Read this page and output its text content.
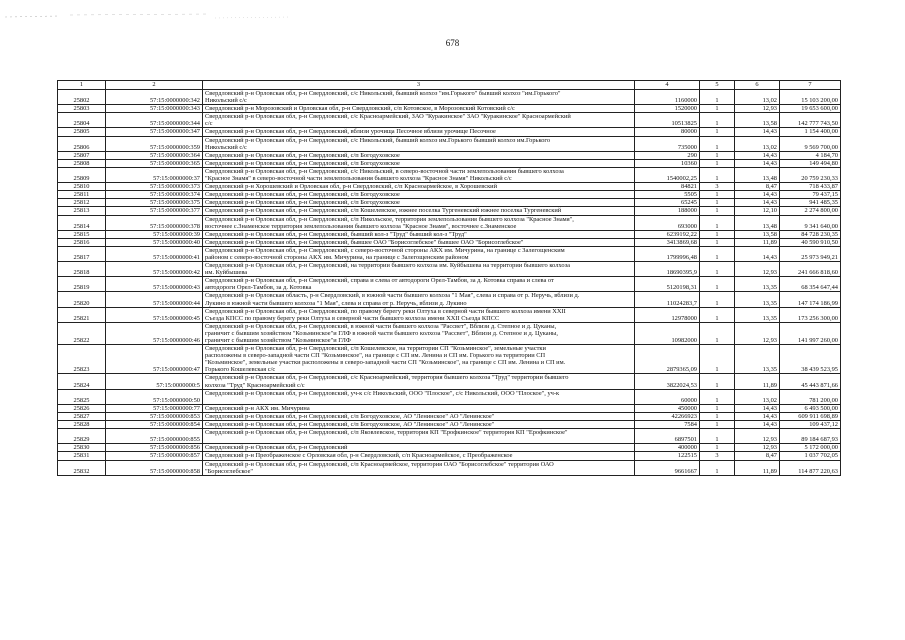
678
1	2	3	4	5	6	7
25802	57:15:0000000:342	Свердловский р-н Орловская обл, р-н Свердловский, с/с Никольский, бывший колхоз "им.Горького" бывший колхоз "им.Горького"
Никольский с/с	1160000	1	13,02	15 103 200,00
25803	57:15:0000000:343	Свердловский р-н Морозовский и Орловская обл, р-н Свердловский, с/п Котовское, в Морозовский Котовский с/с	1520000	1	12,93	19 653 600,00
25804	57:15:0000000:344	Свердловский р-н Орловская обл, р-н Свердловский, с/с Красноармейский, ЗАО "Куракинское" ЗАО "Куракинское" Красноармейский
с/с	10513825	1	13,58	142 777 743,50
25805	57:15:0000000:347	Свердловский р-н Орловская обл, р-н Свердловский, вблизи урочища Песочное вблизи урочище Песочное	80000	1	14,43	1 154 400,00
25806	57:15:0000000:359	Свердловский р-н Орловская обл, р-н Свердловский, с/с Никольский, бывший колхоз им.Горького бывший колхоз им.Горького
Никольский с/с	735000	1	13,02	9 569 700,00
25807	57:15:0000000:364	Свердловский р-н Орловская обл, р-н Свердловский, с/п Богодуховское	290	1	14,43	4 184,70
25808	57:15:0000000:365	Свердловский р-н Орловская обл, р-н Свердловский, с/п Богодуховское	10360	1	14,43	149 494,80
25809	57:15:0000000:37	Свердловский р-н Орловская обл, р-н Свердловский, с/с Никольский, в северо-восточной части землепользования бывшего колхоза
"Красное Знамя" в северо-восточной части землепользования бывшего колхоза "Красное Знамя" Никольский с/с	1540002,25	1	13,48	20 759 230,33
25810	57:15:0000000:373	Свердловский р-н Хорошевский и Орловская обл, р-н Свердловский, с/п Красноармейское, в Хорошевский	84821	3	8,47	718 433,87
25811	57:15:0000000:374	Свердловский р-н Орловская обл, р-н Свердловский, с/п Богодуховское	5505	1	14,43	79 437,15
25812	57:15:0000000:375	Свердловский р-н Орловская обл, р-н Свердловский, с/п Богодуховское	65245	1	14,43	941 485,35
25813	57:15:0000000:377	Свердловский р-н Орловская обл, р-н Свердловский, с/п Кошелевское, южнее поселка Тургеневский южнее поселка Тургеневский	188000	1	12,10	2 274 800,00
25814	57:15:0000000:378	Свердловский р-н Орловская обл, р-н Свердловский, с/п Никольское, территория землепользования бывшего колхоза "Красное Знамя",
восточнее с.Знаменское территория землепользования бывшего колхоза "Красное Знамя", восточнее с.Знаменское	693000	1	13,48	9 341 640,00
25815	57:15:0000000:39	Свердловский р-н Орловская обл, р-н Свердловский, бывший кол-з "Труд" бывший кол-з "Труд"	6239192,22	1	13,58	84 728 230,35
25816	57:15:0000000:40	Свердловский р-н Орловская обл, р-н Свердловский, бывшее ОАО "Борисоглебское" бывшее ОАО "Борисоглебское"	3413869,68	1	11,89	40 590 910,50
25817	57:15:0000000:41	Свердловский р-н Орловская обл, р-н Свердловский, с северо-восточной стороны АКХ им. Мичурина, на границе с Залегощенским
районом с северо-восточной стороны АКХ им. Мичурина, на границе с Залегощенским районом	1799996,48	1	14,43	25 973 949,21
25818	57:15:0000000:42	Свердловский р-н Орловская обл, р-н Свердловский, на территории бывшего колхоза им. Куйбышева на территории бывшего колхоза
им. Куйбышева	18690395,9	1	12,93	241 666 818,60
25819	57:15:0000000:43	Свердловский р-н Орловская обл, р-н Свердловский, справа и слева от автодороги Орел-Тамбов, за д. Котовка справа и слева от
автодороги Орел-Тамбов, за д. Котовка	5120198,31	1	13,35	68 354 647,44
25820	57:15:0000000:44	Свердловский р-н Орловская область, р-н Свердловский, в южной части бывшего колхоза "1 Мая", слева и справа от р. Неручь, вблизи д.
Лукино в южной части бывшего колхоза "1 Мая", слева и справа от р. Неручь, вблизи д. Лукино	11024283,7	1	13,35	147 174 186,99
25821	57:15:0000000:45	Свердловский р-н Орловская обл, р-н Свердловский, по правому берегу реки Олтуха в северной части бывшего колхоза имени XXII
Съезда КПСС по правому берегу реки Олтуха в северной части бывшего колхоза имени XXII Съезда КПСС	12978000	1	13,35	173 256 300,00
25822	57:15:0000000:46	Свердловский р-н Орловская обл, р-н Свердловский, в южной части бывшего колхоза "Рассвет", Вблизи д. Степное и д. Цуканы,
граничит с бывшим хозяйством "Козьминское"и ГЛФ в южной части бывшего колхоза "Рассвет", Вблизи д. Степное и д. Цуканы,
граничит с бывшим хозяйством "Козьминское"и ГЛФ	10982000	1	12,93	141 997 260,00
25823	57:15:0000000:47	Свердловский р-н Орловская обл, р-н Свердловский, с/п Кошелевское, на территории СП "Козьминское", земельные участки
расположены в северо-западной части СП "Козьминское", на границе с СП им. Ленина и СП им. Горького на территории СП
"Козьминское", земельные участки расположены в северо-западной части СП "Козьминское", на границе с СП им. Ленина и СП им.
Горького Кошелевская с/с	2879365,09	1	13,35	38 439 523,95
25824	57:15:0000000:5	Свердловский р-н Орловская обл, р-н Свердловский, с/с Красноармейский, территория бывшего колхоза "Труд" территории бывшего
колхоза "Труд" Красноармейский с/с	3822024,53	1	11,89	45 443 871,66
25825	57:15:0000000:50	Свердловский р-н Орловская обл, р-н Свердловский, уч-к с/с Никольский, ООО "Плоское", с/с Никольский, ООО "Плоское", уч-к	60000	1	13,02	781 200,00
25826	57:15:0000000:77	Свердловский р-н АКХ им. Мичурина	450000	1	14,43	6 493 500,00
25827	57:15:0000000:853	Свердловский р-н Орловская обл, р-н Свердловский, с/п Богодуховское, АО "Ленинское" АО "Ленинское"	42266923	1	14,43	609 911 698,89
25828	57:15:0000000:854	Свердловский р-н Орловская обл, р-н Свердловский, с/п Богодуховское, АО "Ленинское" АО "Ленинское"	7584	1	14,43	109 437,12
25829	57:15:0000000:855	Свердловский р-н Орловская обл, р-н Свердловский, с/п Яковлевское, территория КП "Ерофкинское" территория КП "Ерофкинское"	6897501	1	12,93	89 184 687,93
25830	57:15:0000000:856	Свердловский р-н Орловская обл, р-н Свердловский	400000	1	12,93	5 172 000,00
25831	57:15:0000000:857	Свердловский р-н Преображенское с Орловская обл, р-н Свердловский, с/п Красноармейское, с Преображенское	122515	3	8,47	1 037 702,05
25832	57:15:0000000:858	Свердловский р-н Орловская обл, р-н Свердловский, с/п Красноармейское, территория ОАО "Борисоглебское" территория ОАО
"Борисоглебское"	9661667	1	11,89	114 877 220,63
